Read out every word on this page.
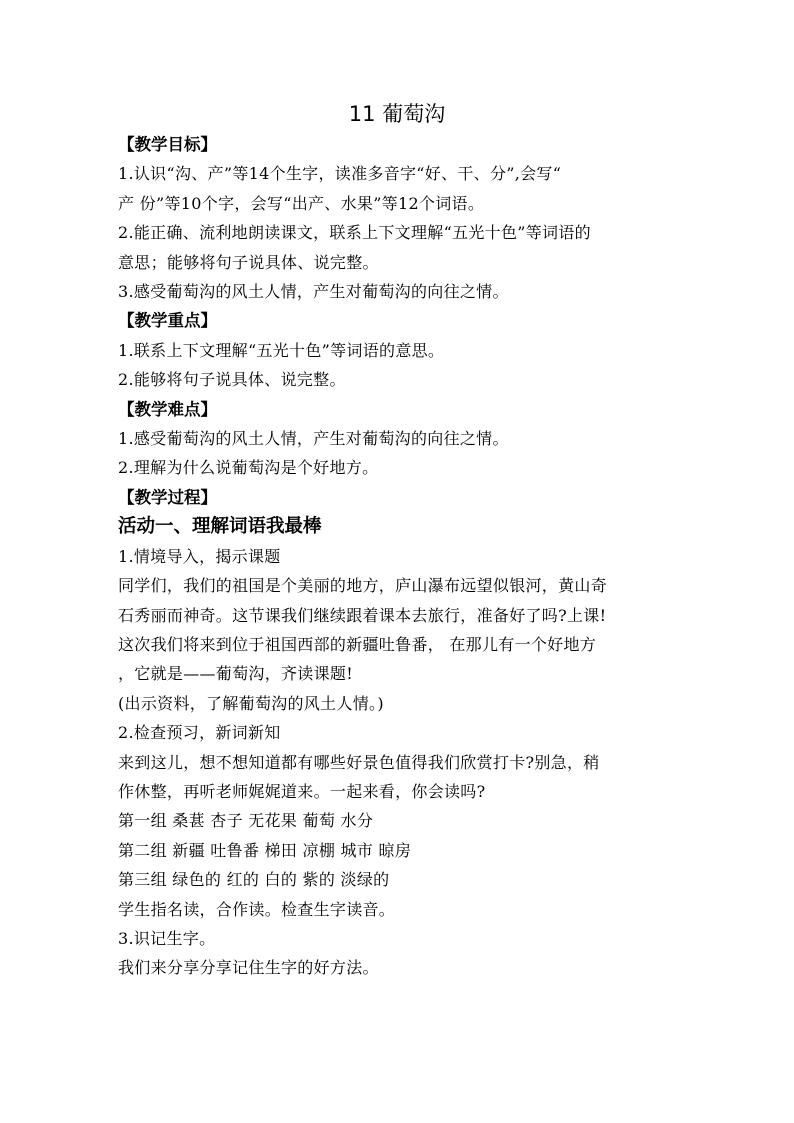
11 葡萄沟
【教学目标】
1.认识“沟、产”等14个生字，读准多音字“好、干、分”,会写“
产 份”等10个字，会写“出产、水果”等12个词语。
2.能正确、流利地朗读课文，联系上下文理解“五光十色”等词语的
意思；能够将句子说具体、说完整。
3.感受葡萄沟的风土人情，产生对葡萄沟的向往之情。
【教学重点】
1.联系上下文理解“五光十色”等词语的意思。
2.能够将句子说具体、说完整。
【教学难点】
1.感受葡萄沟的风土人情，产生对葡萄沟的向往之情。
2.理解为什么说葡萄沟是个好地方。
【教学过程】
活动一、理解词语我最棒
1.情境导入，揭示课题
同学们，我们的祖国是个美丽的地方，庐山瀑布远望似银河，黄山奇
石秀丽而神奇。这节课我们继续跟着课本去旅行，准备好了吗?上课!
这次我们将来到位于祖国西部的新疆吐鲁番， 在那儿有一个好地方
，它就是——葡萄沟，齐读课题!
(出示资料，了解葡萄沟的风土人情。)
2.检查预习，新词新知
来到这儿，想不想知道都有哪些好景色值得我们欣赏打卡?别急，稍
作休整，再听老师娓娓道来。一起来看，你会读吗?
第一组 桑葚 杏子 无花果 葡萄 水分
第二组 新疆 吐鲁番 梯田 凉棚 城市 晾房
第三组 绿色的 红的 白的 紫的 淡绿的
学生指名读，合作读。检查生字读音。
3.识记生字。
我们来分享分享记住生字的好方法。
